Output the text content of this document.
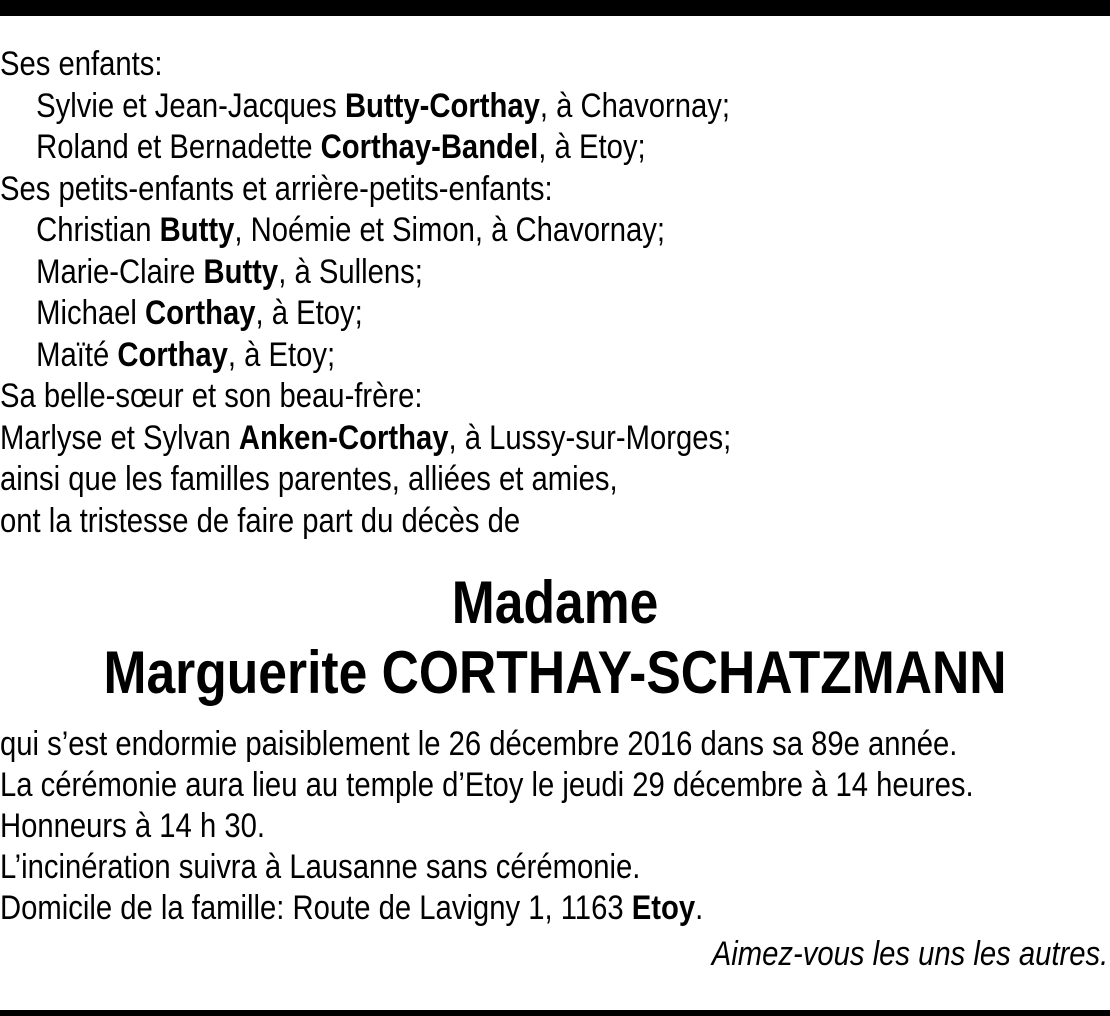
Ses enfants:
Sylvie et Jean-Jacques Butty-Corthay, à Chavornay;
Roland et Bernadette Corthay-Bandel, à Etoy;
Ses petits-enfants et arrière-petits-enfants:
Christian Butty, Noémie et Simon, à Chavornay;
Marie-Claire Butty, à Sullens;
Michael Corthay, à Etoy;
Maïté Corthay, à Etoy;
Sa belle-sœur et son beau-frère:
Marlyse et Sylvan Anken-Corthay, à Lussy-sur-Morges;
ainsi que les familles parentes, alliées et amies,
ont la tristesse de faire part du décès de
Madame
Marguerite CORTHAY-SCHATZMANN
qui s’est endormie paisiblement le 26 décembre 2016 dans sa 89e année.
La cérémonie aura lieu au temple d’Etoy le jeudi 29 décembre à 14 heures.
Honneurs à 14 h 30.
L’incinération suivra à Lausanne sans cérémonie.
Domicile de la famille: Route de Lavigny 1, 1163 Etoy.
Aimez-vous les uns les autres.
